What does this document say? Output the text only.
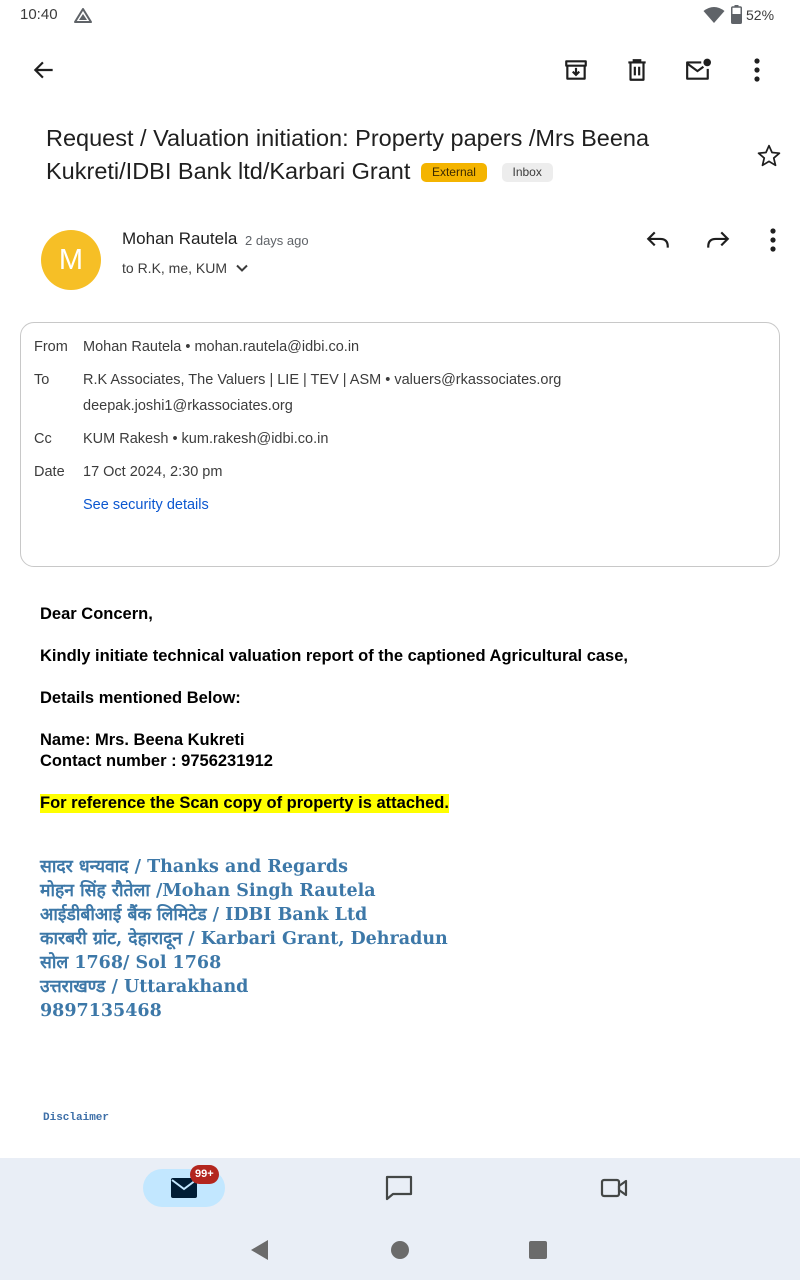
10:40	52%
Request / Valuation initiation: Property papers /Mrs Beena Kukreti/IDBI Bank ltd/Karbari Grant External	Inbox
M
Mohan Rautela 2 days ago
to R.K, me, KUM
From Mohan Rautela • mohan.rautela@idbi.co.in
To R.K Associates, The Valuers | LIE | TEV | ASM • valuers@rkassociates.org
deepak.joshi1@rkassociates.org
Cc KUM Rakesh • kum.rakesh@idbi.co.in
Date 17 Oct 2024, 2:30 pm
See security details
Dear Concern,
Kindly initiate technical valuation report of the captioned Agricultural case,
Details mentioned Below:
Name: Mrs. Beena Kukreti
Contact number : 9756231912
For reference the Scan copy of property is attached.
सादर धन्यवाद / Thanks and Regards
मोहन सिंह रौतेला /Mohan Singh Rautela
आईडीबीआई बैंक लिमिटेड / IDBI Bank Ltd
कारबरी ग्रांट, देहारादून / Karbari Grant, Dehradun
सोल 1768/ Sol 1768
उत्तराखण्ड / Uttarakhand
9897135468
Disclaimer
99+
